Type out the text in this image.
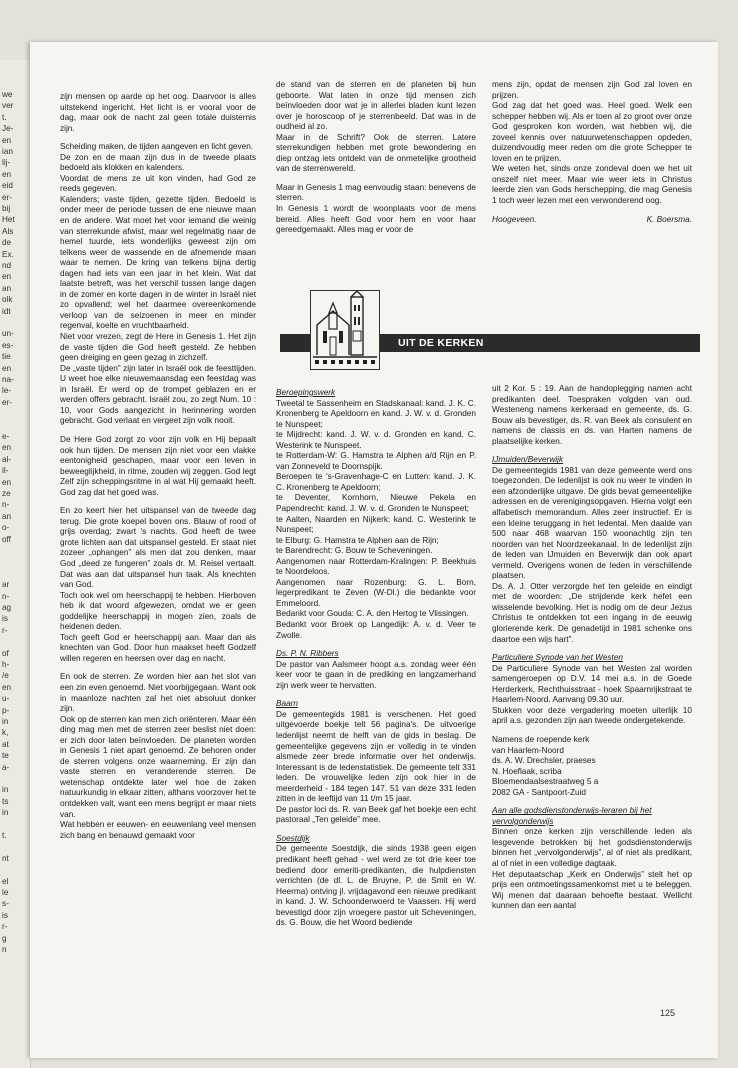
we
ver
t.
Je-
en
ian
lij-
en
eid
er-
bij
Het
Als
de
Ex.
nd
en
an
olk
idt
un-
es-
tie
en
na-
le-
er-
e-
en
al-
il-
en
ze
n-
an
o-
off
ar
n-
ag
is
r-
of
h-
/e
en
u-
p-
in
k,
at
te
a-
in
ts
in
t.
nt
el
le
s-
is
r-
g
n

zijn mensen op aarde op het oog. Daarvoor is alles uitstekend ingericht. Het licht is er vooral voor de dag, maar ook de nacht zal geen totale duisternis zijn.

Scheiding maken, de tijden aangeven en licht geven.
De zon en de maan zijn dus in de tweede plaats bedoeld als klokken en kalenders.
Voordat de mens ze uit kon vinden, had God ze reeds gegeven.
Kalenders; vaste tijden, gezette tijden. Bedoeld is onder meer de periode tussen de ene nieuwe maan en de andere. Wat moet het voor iemand die weinig van sterrekunde afwist, maar wel regelmatig naar de hemel tuurde, iets wonderlijks geweest zijn om telkens weer de wassende en de afnemende maan waar te nemen. De kring van telkens bijna dertig dagen had iets van een jaar in het klein. Wat dat laatste betreft, was het verschil tussen lange dagen in de zomer en korte dagen in de winter in Israël niet zo opvallend; wel het daarmee overeenkomende verloop van de seizoenen in meer en minder regenval, koelte en vruchtbaarheid.
Niet voor vrezen, zegt de Here in Genesis 1. Het zijn de vaste tijden die God heeft gesteld. Ze hebben geen dreiging en geen gezag in zichzelf.
De „vaste tijden” zijn later in Israël ook de feesttijden. U weet hoe elke nieuwemaansdag een feestdag was in Israël. Er werd op de trompet geblazen en er werden offers gebracht. Israël zou, zo zegt Num. 10 : 10, voor Gods aangezicht in herinnering worden gebracht. God verlaat en vergeet zijn volk nooit.

De Here God zorgt zo voor zijn volk en Hij bepaalt ook hun tijden. De mensen zijn niet voor een vlakke eentonigheid geschapen, maar voor een leven in beweeglijkheid, in ritme, zouden wij zeggen. God legt Zelf zijn scheppingsritme in al wat Hij gemaakt heeft. God zag dat het goed was.

En zo keert hier het uitspansel van de tweede dag terug. Die grote koepel boven ons. Blauw of rood of grijs overdag; zwart 's nachts. God heeft de twee grote lichten aan dat uitspansel gesteld. Er staat niet zozeer „ophangen” als men dat zou denken, maar God „deed ze fungeren” zoals dr. M. Reisel vertaalt. Dat was aan dat uitspansel hun taak. Als knechten van God.
Toch ook wel om heerschappij te hebben. Hierboven heb ik dat woord afgewezen, omdat we er geen goddelijke heerschappij in mogen zien, zoals de heidenen deden.
Toch geeft God er heerschappij aan. Maar dan als knechten van God. Door hun maakset heeft Godzelf willen regeren en heersen over dag en nacht.

En ook de sterren. Ze worden hier aan het slot van een zin even genoemd. Niet voorbijgegaan. Want ook in maanloze nachten zal het niet absoluut donker zijn.
Ook op de sterren kan men zich oriënteren. Maar één ding mag men met de sterren zeer beslist niet doen: er zich door laten beïnvloeden. De planeten worden in Genesis 1 niet apart genoemd. Ze behoren onder de sterren volgens onze waarneming. Er zijn dan vaste sterren en veranderende sterren. De wetenschap ontdekte later wel hoe de zaken natuurkundig in elkaar zitten, althans voorzover het te ontdekken valt, want een mens begrijpt er maar niets van.
Wat hebben er eeuwen- en eeuwenlang veel mensen zich bang en benauwd gemaakt voor

de stand van de sterren en de planeten bij hun geboorte. Wat laten in onze tijd mensen zich beïnvloeden door wat je in allerlei bladen kunt lezen over je horoscoop of je sterrenbeeld. Dat was in de oudheid al zo.
Maar in de Schrift? Ook de sterren. Latere sterrekundigen hebben met grote bewondering en diep ontzag iets ontdekt van de onmetelijke grootheid van de sterrenwereld.

Maar in Genesis 1 mag eenvoudig staan: benevens de sterren.
In Genesis 1 wordt de woonplaats voor de mens bereid. Alles heeft God voor hem en voor haar gereedgemaakt. Alles mag er voor de

mens zijn, opdat de mensen zijn God zal loven en prijzen.
God zag dat het goed was. Heel goed. Welk een schepper hebben wij. Als er toen al zo groot over onze God gesproken kon worden, wat hebben wij, die zoveel kennis over natuurwetenschappen opdeden, duizendvoudig meer reden om die grote Schepper te loven en te prijzen.
We weten het, sinds onze zondeval doen we het uit onszelf niet meer. Maar wie weer iets in Christus leerde zien van Gods herschepping, die mag Genesis 1 toch weer lezen met een verwonderend oog.

Hoogeveen.	K. Boersma.
UIT DE KERKEN
Beroepingswerk

Tweetal te Sassenheim en Stadskanaal: kand. J. K. C. Kronenberg te Apeldoorn en kand. J. W. v. d. Gronden te Nunspeet;
te Mijdrecht: kand. J. W. v. d. Gronden en kand. C. Westerink te Nunspeet.
te Rotterdam-W: G. Hamstra te Alphen a/d Rijn en P. van Zonneveld te Doornspijk.
Beroepen te 's-Gravenhage-C en Lutten: kand. J. K. C. Kronenberg te Apeldoorn;
te Deventer, Kornhorn, Nieuwe Pekela en Papendrecht: kand. J. W. v. d. Gronden te Nunspeet;
te Aalten, Naarden en Nijkerk: kand. C. Westerink te Nunspeet;
te Elburg: G. Hamstra te Alphen aan de Rijn;
te Barendrecht: G. Bouw te Scheveningen.
Aangenomen naar Rotterdam-Kralingen: P. Beekhuis te Noordeloos.
Aangenomen naar Rozenburg: G. L. Born, legerpredikant te Zeven (W-Dl.) die bedankte voor Emmeloord.
Bedankt voor Gouda: C. A. den Hertog te Vlissingen.
Bedankt voor Broek op Langedijk: A. v. d. Veer te Zwolle.

Ds. P. N. Ribbers

De pastor van Aalsmeer hoopt a.s. zondag weer één keer voor te gaan in de prediking en langzamerhand zijn werk weer te hervatten.

Baarn

De gemeentegids 1981 is verschenen. Het goed uitgevoerde boekje telt 56 pagina's. De uitvoerige ledenlijst neemt de helft van de gids in beslag. De gemeentelijke gegevens zijn er volledig in te vinden alsmede zeer brede informatie over het onderwijs. Interessant is de ledenstatistiek. De gemeente telt 331 leden. De vrouwelijke leden zijn ook hier in de meerderheid - 184 tegen 147. 51 van deze 331 leden zitten in de leeftijd van 11 t/m 15 jaar.
De pastor loci ds. R. van Beek gaf het boekje een echt pastoraal „Ten geleide” mee.

Soestdijk

De gemeente Soestdijk, die sinds 1938 geen eigen predikant heeft gehad - wel werd ze tot drie keer toe bediend door emeriti-predikanten, die hulpdiensten verrichten (de dl. L. de Bruyne, P. de Smit en W. Heerma) ontving jl. vrijdagavond een nieuwe predikant in kand. J. W. Schoonderwoerd te Vaassen. Hij werd bevestigd door zijn vroegere pastor uit Scheveningen, ds. G. Bouw, die het Woord bediende

uit 2 Kor. 5 : 19. Aan de handoplegging namen acht predikanten deel. Toespraken volgden van oud. Westeneng namens kerkeraad en gemeente, ds. G. Bouw als bevestiger, ds. R. van Beek als consulent en namens de classis en ds. van Harten namens de plaatselijke kerken.

IJmuiden/Beverwijk

De gemeentegids 1981 van deze gemeente werd ons toegezonden. De ledenlijst is ook nu weer te vinden in een afzonderlijke uitgave. De gids bevat gemeentelijke adressen en de verenigingsopgaven. Hierna volgt een alfabetisch memorandum. Alles zeer instructief. Er is een kleine teruggang in het ledental. Men daalde van 500 naar 468 waarvan 150 woonachtig zijn ten noorden van het Noordzeekanaal. In de ledenlijst zijn de leden van IJmuiden en Beverwijk dan ook apart vermeld. Overigens wonen de leden in verschillende plaatsen.
Ds. A. J. Otter verzorgde het ten geleide en eindigt met de woorden: „De strijdende kerk hefet een wisselende bevolking. Het is nodig om de deur Jezus Christus te ontdekken tot een ingang in de eeuwig glorierende kerk. De genadetijd in 1981 schenke ons daartoe een wijs hart”.

Particuliere Synode van het Westen

De Particuliere Synode van het Westen zal worden samengeroepen op D.V. 14 mei a.s. in de Goede Herderkerk, Rechthuisstraat - hoek Spaarnrijkstraat te Haarlem-Noord. Aanvang 09.30 uur.
Stukken voor deze vergadering moeten uiterlijk 10 april a.s. gezonden zijn aan tweede ondergetekende.

Namens de roepende kerk
van Haarlem-Noord
ds. A. W. Drechsler, praeses
N. Hoeflaak, scriba
Bloemendaalsestraatweg 5 a
2082 GA - Santpoort-Zuid

Aan alle godsdienstonderwijs-leraren bij het vervolgonderwijs

Binnen onze kerken zijn verschillende leden als lesgevende betrokken bij het godsdienstonderwijs binnen het „vervolgonderwijs”, al of niet als predikant, al of niet in een volledige dagtaak.
Het deputaatschap „Kerk en Onderwijs” stelt het op prijs een ontmoetingssamenkomst met u te beleggen. Wij menen dat daaraan behoefte bestaat. Wellicht kunnen dan een aantal

125
